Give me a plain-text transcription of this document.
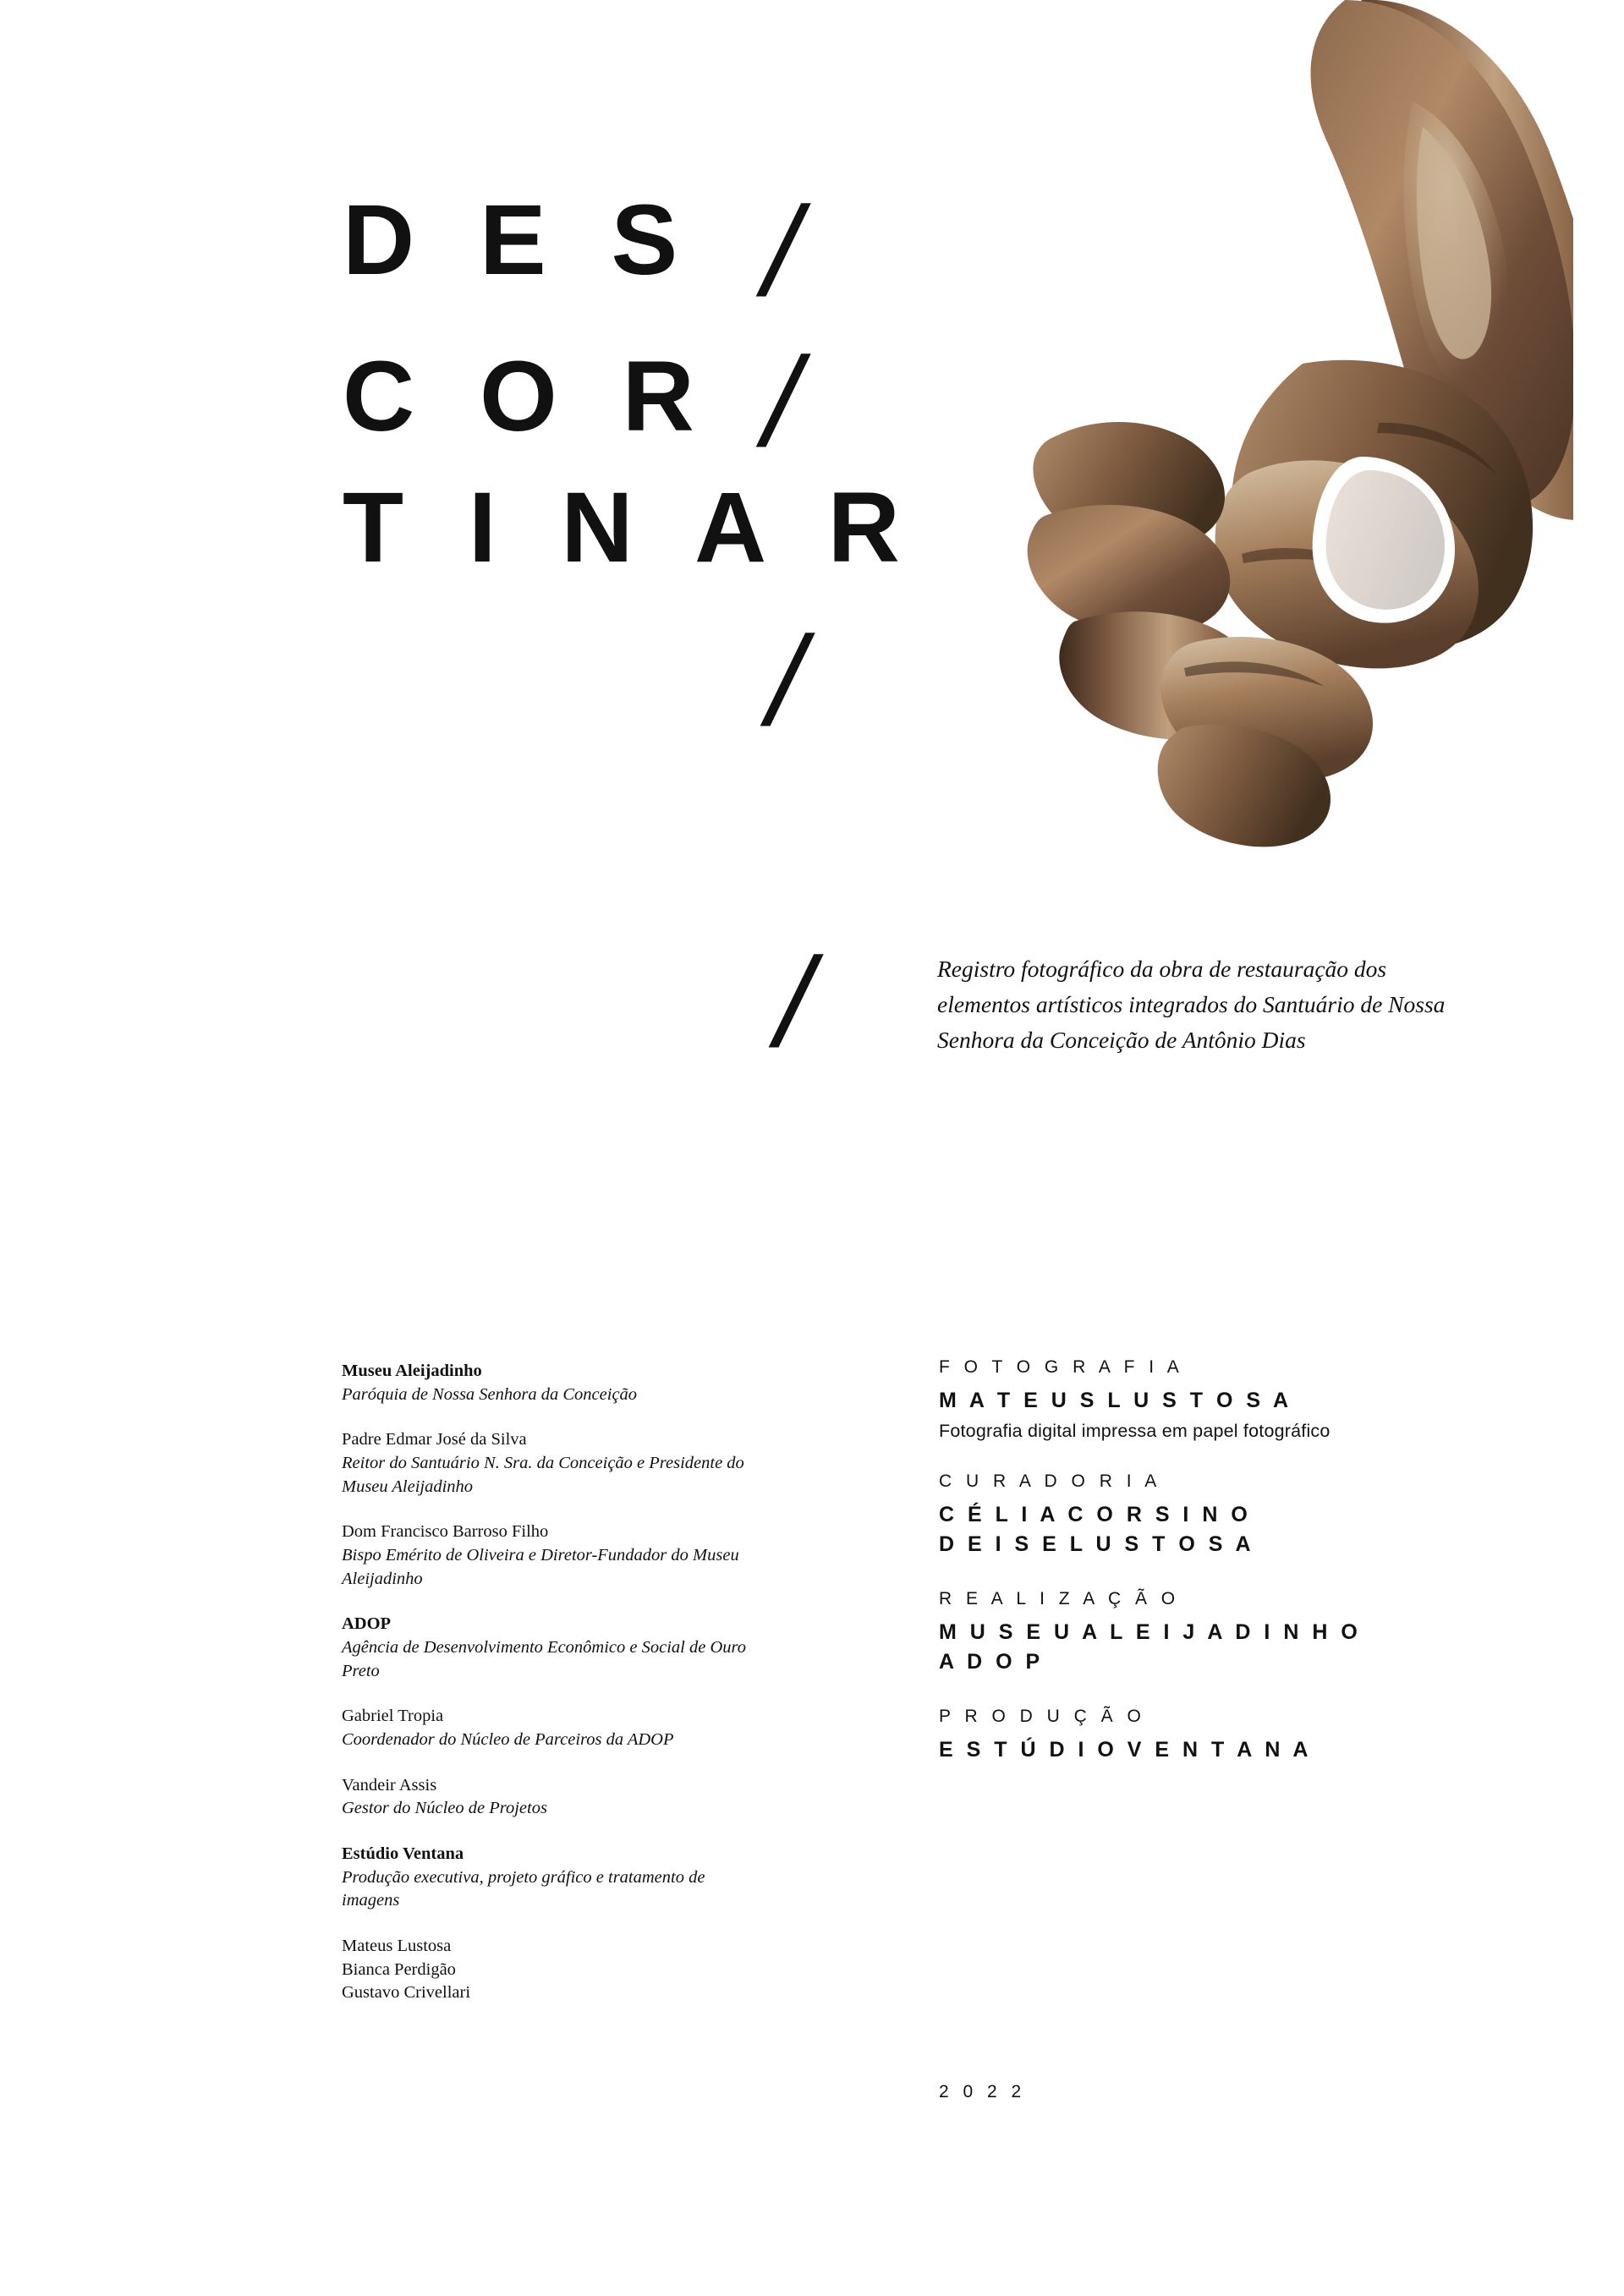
D E S
C O R
T I N A R
/
/
/
/	Registro fotográfico da obra de restauração dos elementos artísticos integrados do Santuário de Nossa Senhora da Conceição de Antônio Dias
Museu Aleijadinho
Paróquia de Nossa Senhora da Conceição
Padre Edmar José da Silva
Reitor do Santuário N. Sra. da Conceição e Presidente do Museu Aleijadinho
Dom Francisco Barroso Filho
Bispo Emérito de Oliveira e Diretor-Fundador do Museu Aleijadinho
ADOP
Agência de Desenvolvimento Econômico e Social de Ouro Preto
Gabriel Tropia
Coordenador do Núcleo de Parceiros da ADOP
Vandeir Assis
Gestor do Núcleo de Projetos
Estúdio Ventana
Produção executiva, projeto gráfico e tratamento de imagens
Mateus Lustosa
Bianca Perdigão
Gustavo Crivellari
F O T O G R A F I A
M A T E U S L U S T O S A
Fotografia digital impressa em papel fotográfico
C U R A D O R I A
C É L I A C O R S I N O
D E I S E L U S T O S A
R E A L I Z A Ç Ã O
M U S E U A L E I J A D I N H O
A D O P
P R O D U Ç Ã O
E S T Ú D I O V E N T A N A
2 0 2 2
